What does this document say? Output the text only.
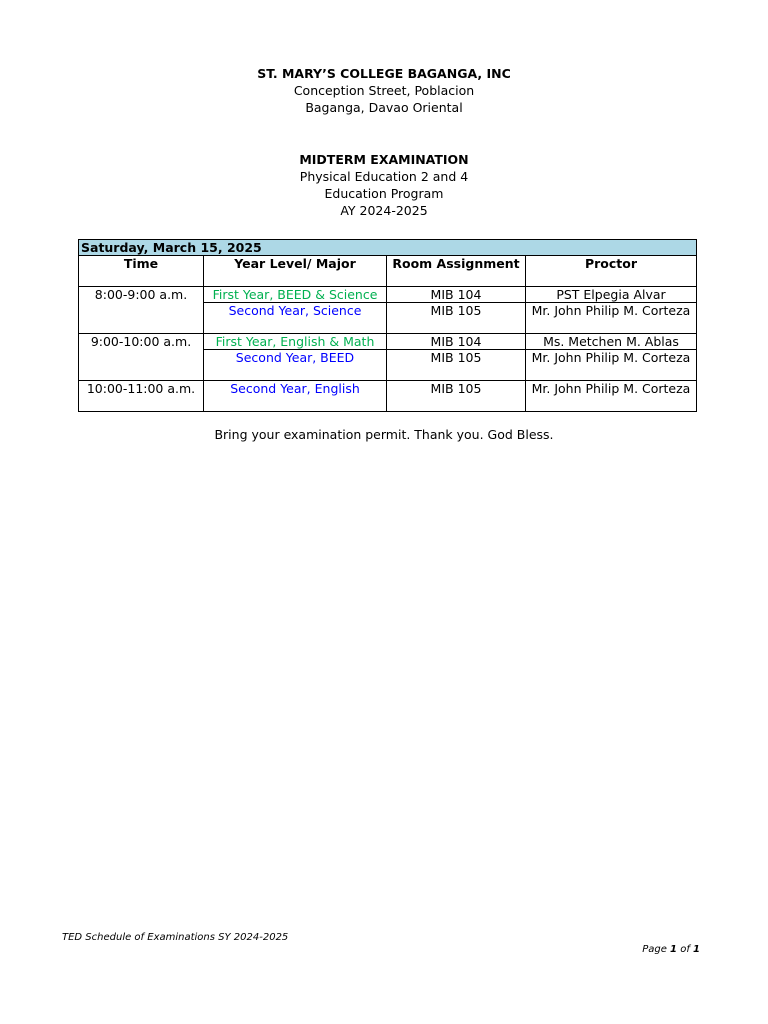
ST. MARY’S COLLEGE BAGANGA, INC
Conception Street, Poblacion
Baganga, Davao Oriental
MIDTERM EXAMINATION
Physical Education 2 and 4
Education Program
AY 2024-2025
Saturday, March 15, 2025			
Time	Year Level/ Major	Room Assignment	Proctor
8:00-9:00 a.m.	First Year, BEED & Science	MIB 104	PST Elpegia Alvar
	Second Year, Science	MIB 105	Mr. John Philip M. Corteza
9:00-10:00 a.m.	First Year, English & Math	MIB 104	Ms. Metchen M. Ablas
	Second Year, BEED	MIB 105	Mr. John Philip M. Corteza
10:00-11:00 a.m.	Second Year, English	MIB 105	Mr. John Philip M. Corteza
Bring your examination permit. Thank you. God Bless.
TED Schedule of Examinations SY 2024-2025
Page 1 of 1
